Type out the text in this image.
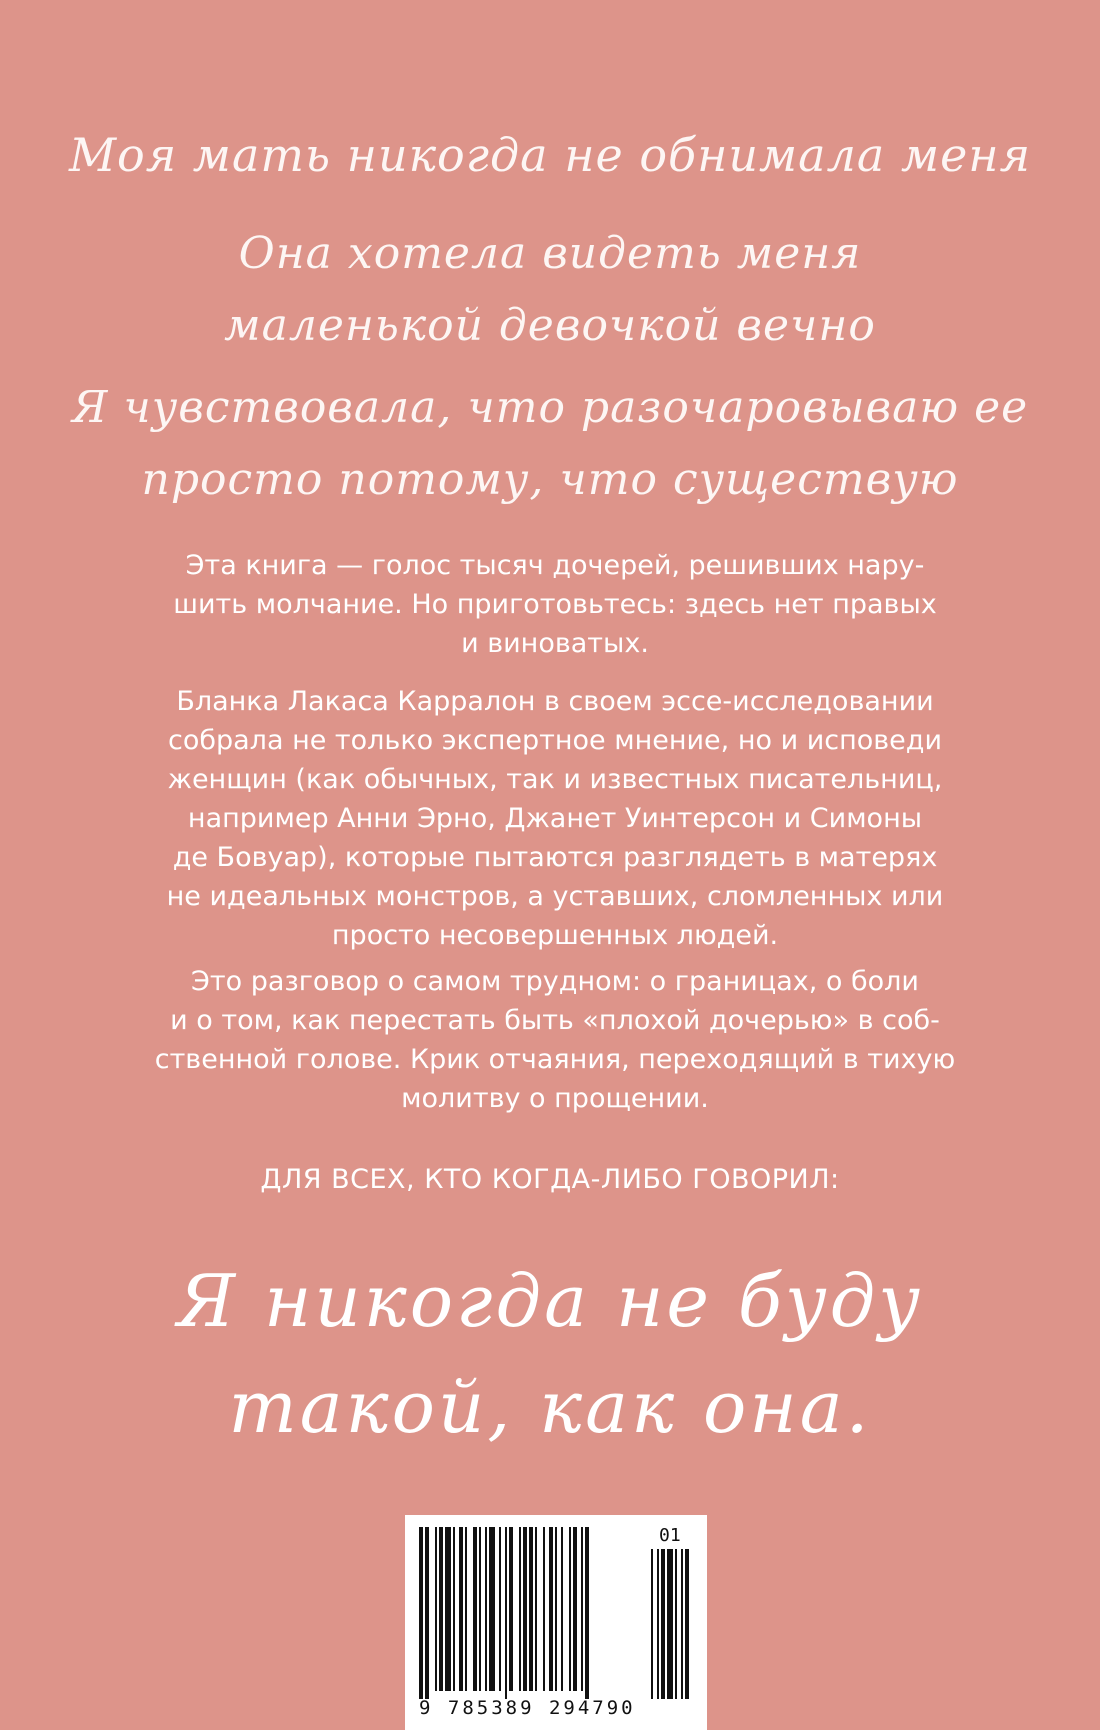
Моя мать никогда не обнимала меня

Она хотела видеть меня
маленькой девочкой вечно
Я чувствовала, что разочаровываю ее
просто потому, что существую
Эта книга — голос тысяч дочерей, решивших нару-
шить молчание. Но приготовьтесь: здесь нет правых
и виноватых.
Бланка Лакаса Карралон в своем эссе-исследовании
собрала не только экспертное мнение, но и исповеди
женщин (как обычных, так и известных писательниц,
например Анни Эрно, Джанет Уинтерсон и Симоны
де Бовуар), которые пытаются разглядеть в матерях
не идеальных монстров, а уставших, сломленных или
просто несовершенных людей.
Это разговор о самом трудном: о границах, о боли
и о том, как перестать быть «плохой дочерью» в соб-
ственной голове. Крик отчаяния, переходящий в тихую
молитву о прощении.

ДЛЯ ВСЕХ, КТО КОГДА-ЛИБО ГОВОРИЛ:

Я никогда не буду
такой, как она.

01

9 785389 294790
